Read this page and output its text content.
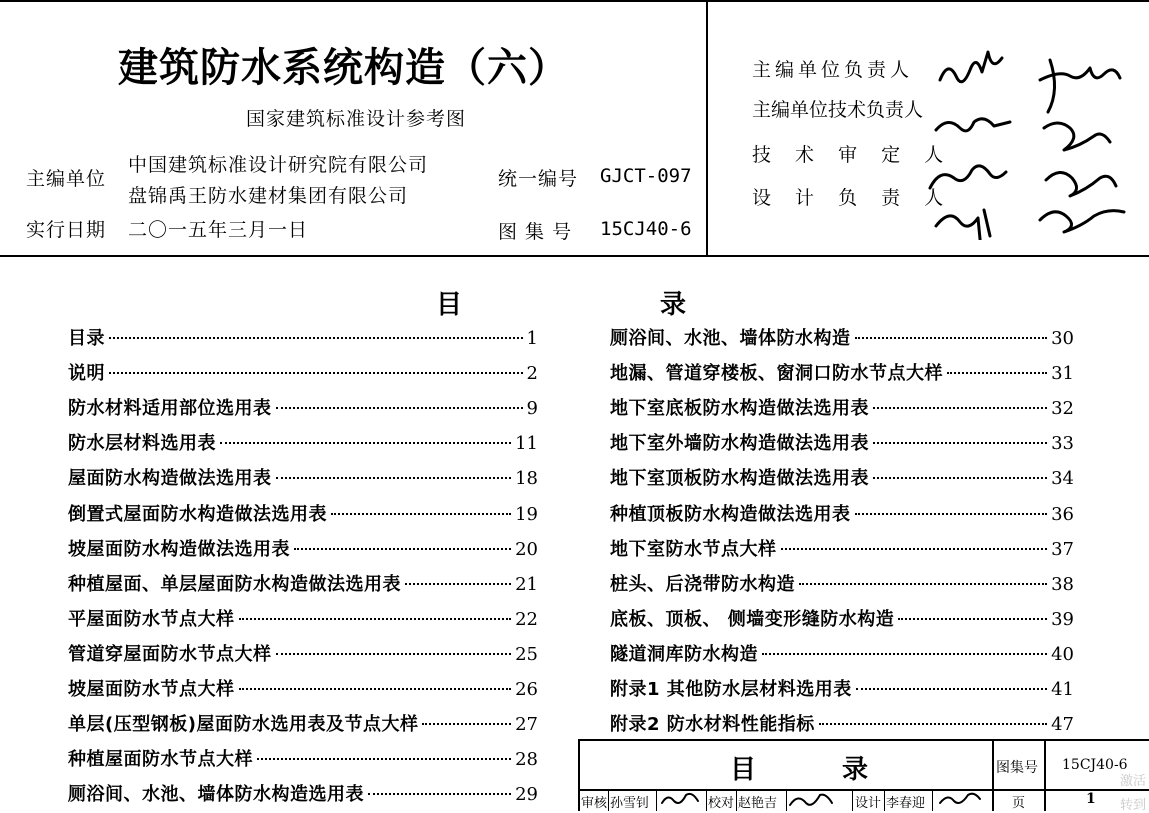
建筑防水系统构造（六）
国家建筑标准设计参考图
主编单位
中国建筑标准设计研究院有限公司
盘锦禹王防水建材集团有限公司
统一编号 GJCT-097
实行日期 二〇一五年三月一日	图 集 号 15CJ40-6
主编单位负责人
主编单位技术负责人
技 术 审 定 人
设 计 负 责 人
目	录
目录	1
说明	2
防水材料适用部位选用表	9
防水层材料选用表	11
屋面防水构造做法选用表	18
倒置式屋面防水构造做法选用表	19
坡屋面防水构造做法选用表	20
种植屋面、单层屋面防水构造做法选用表	21
平屋面防水节点大样	22
管道穿屋面防水节点大样	25
坡屋面防水节点大样	26
单层(压型钢板)屋面防水选用表及节点大样	27
种植屋面防水节点大样	28
厕浴间、水池、墙体防水构造选用表	29
厕浴间、水池、墙体防水构造	30
地漏、管道穿楼板、窗洞口防水节点大样	31
地下室底板防水构造做法选用表	32
地下室外墙防水构造做法选用表	33
地下室顶板防水构造做法选用表	34
种植顶板防水构造做法选用表	36
地下室防水节点大样	37
桩头、后浇带防水构造	38
底板、顶板、 侧墙变形缝防水构造	39
隧道洞库防水构造	40
附录1 其他防水层材料选用表	41
附录2 防水材料性能指标	47
目	录	图集号 15CJ40-6
审核 孙雪钊	校对 赵艳吉	设计 李春迎	页	1
激活
转到
